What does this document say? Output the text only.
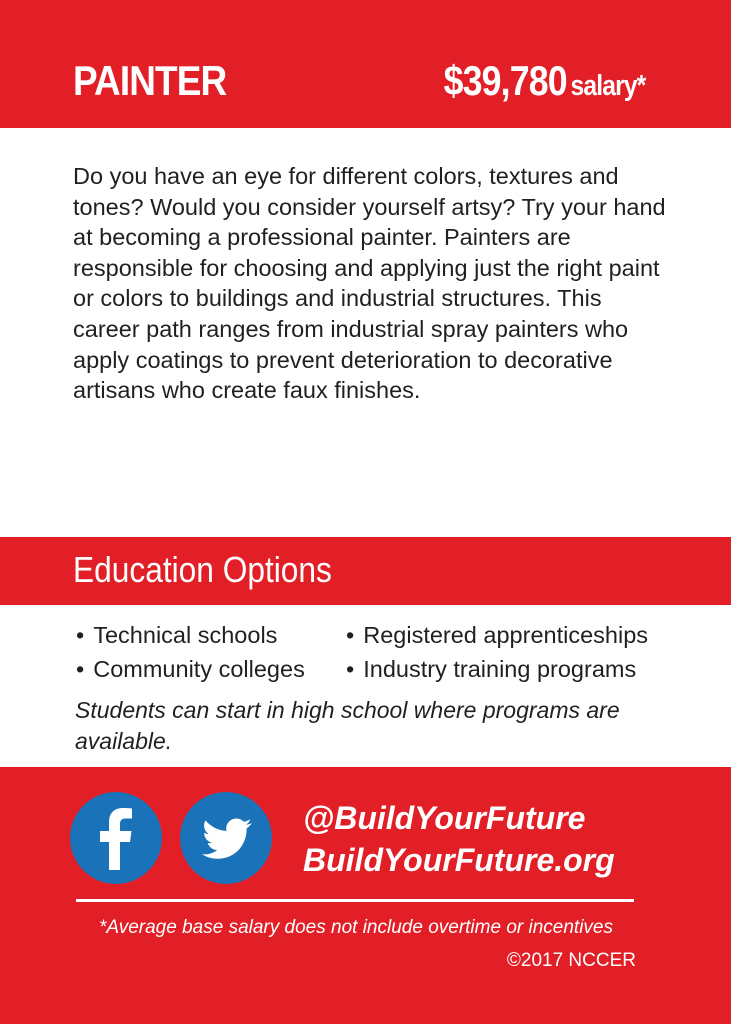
PAINTER	$39,780 salary*

Do you have an eye for different colors, textures and tones? Would you consider yourself artsy? Try your hand at becoming a professional painter. Painters are responsible for choosing and applying just the right paint or colors to buildings and industrial structures. This career path ranges from industrial spray painters who apply coatings to prevent deterioration to decorative artisans who create faux finishes.

Education Options
• Technical schools
• Community colleges
• Registered apprenticeships
• Industry training programs

Students can start in high school where programs are available.

@BuildYourFuture

BuildYourFuture.org

*Average base salary does not include overtime or incentives

©2017 NCCER
